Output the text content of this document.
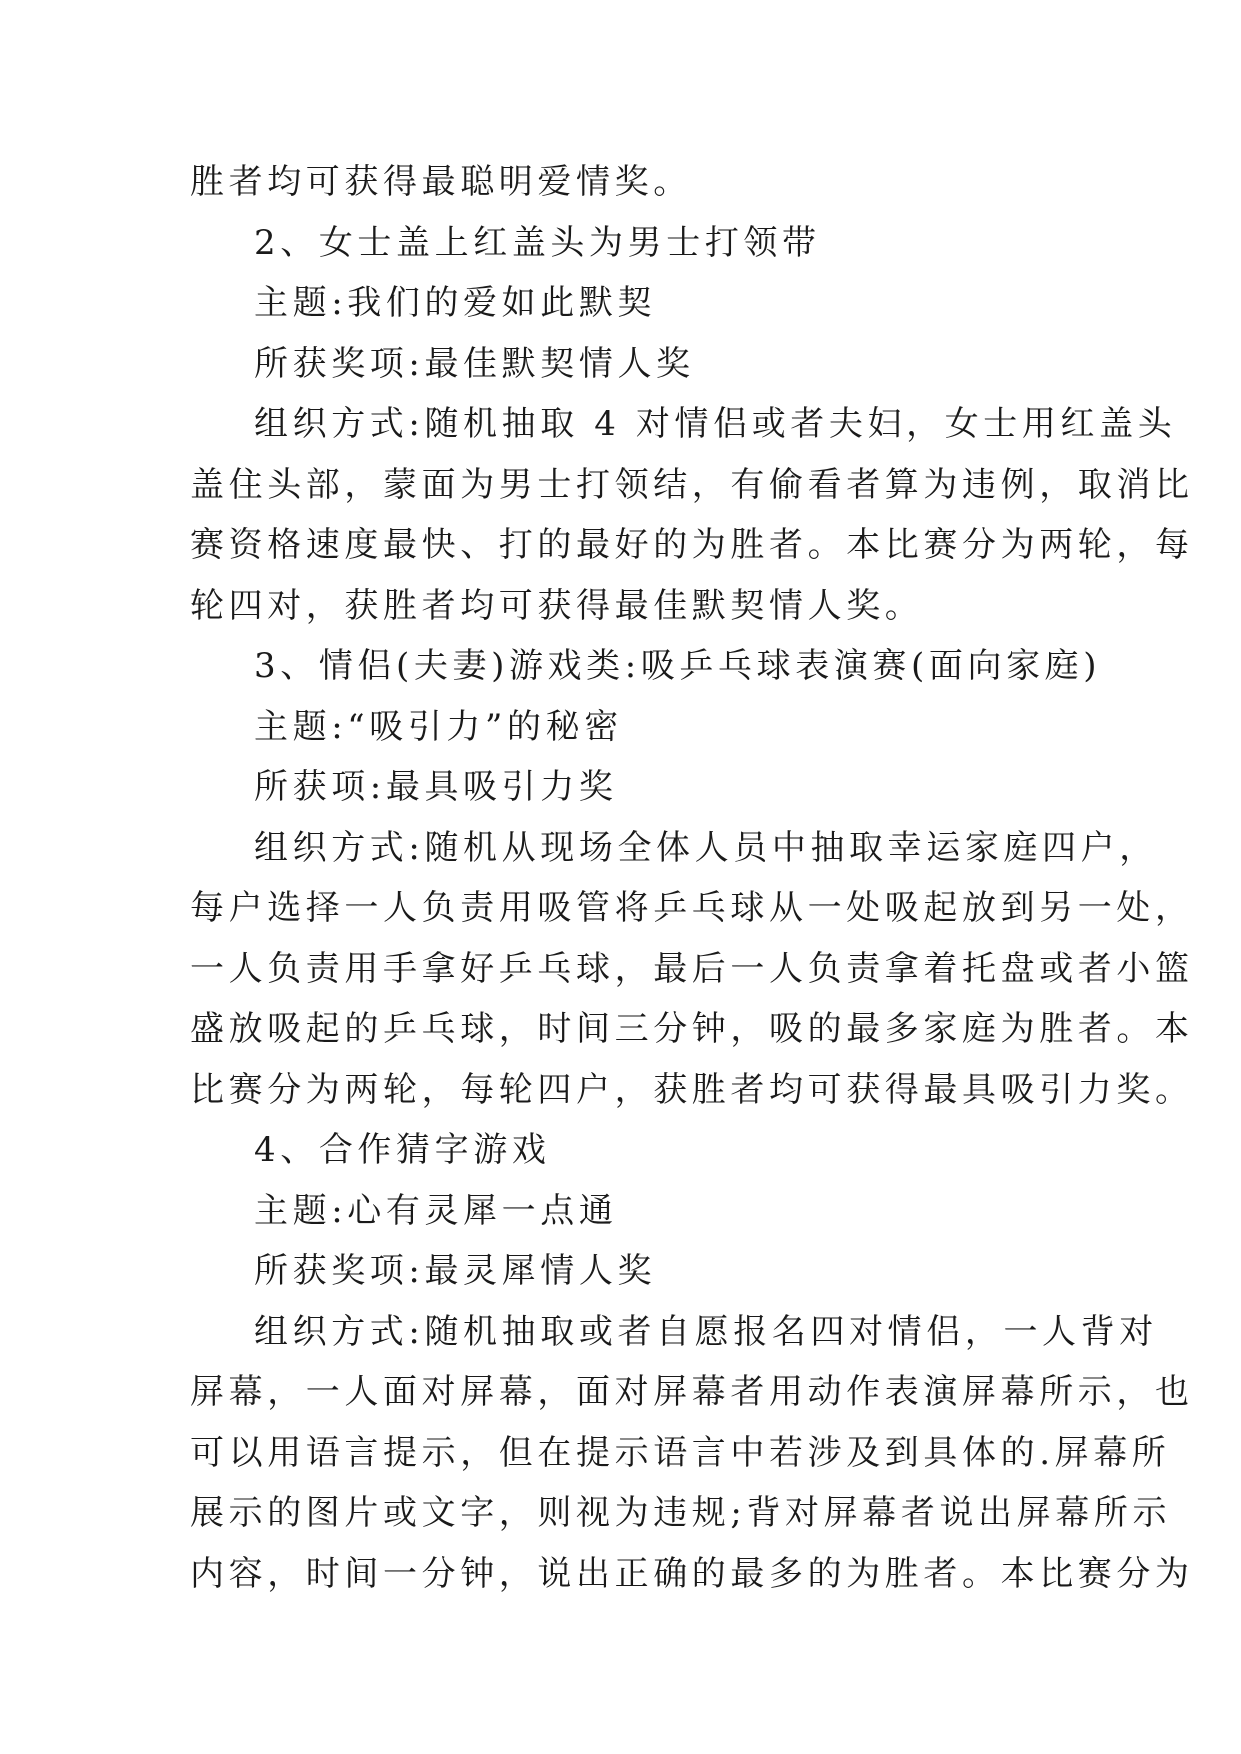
胜者均可获得最聪明爱情奖。
2、女士盖上红盖头为男士打领带
主题:我们的爱如此默契
所获奖项:最佳默契情人奖
组织方式:随机抽取 4 对情侣或者夫妇，女士用红盖头
盖住头部，蒙面为男士打领结，有偷看者算为违例，取消比
赛资格速度最快、打的最好的为胜者。本比赛分为两轮，每
轮四对，获胜者均可获得最佳默契情人奖。
3、情侣(夫妻)游戏类:吸乒乓球表演赛(面向家庭)
主题:“吸引力”的秘密
所获项:最具吸引力奖
组织方式:随机从现场全体人员中抽取幸运家庭四户，
每户选择一人负责用吸管将乒乓球从一处吸起放到另一处，
一人负责用手拿好乒乓球，最后一人负责拿着托盘或者小篮
盛放吸起的乒乓球，时间三分钟，吸的最多家庭为胜者。本
比赛分为两轮，每轮四户，获胜者均可获得最具吸引力奖。
4、合作猜字游戏
主题:心有灵犀一点通
所获奖项:最灵犀情人奖
组织方式:随机抽取或者自愿报名四对情侣，一人背对
屏幕，一人面对屏幕，面对屏幕者用动作表演屏幕所示，也
可以用语言提示，但在提示语言中若涉及到具体的.屏幕所
展示的图片或文字，则视为违规;背对屏幕者说出屏幕所示
内容，时间一分钟，说出正确的最多的为胜者。本比赛分为
